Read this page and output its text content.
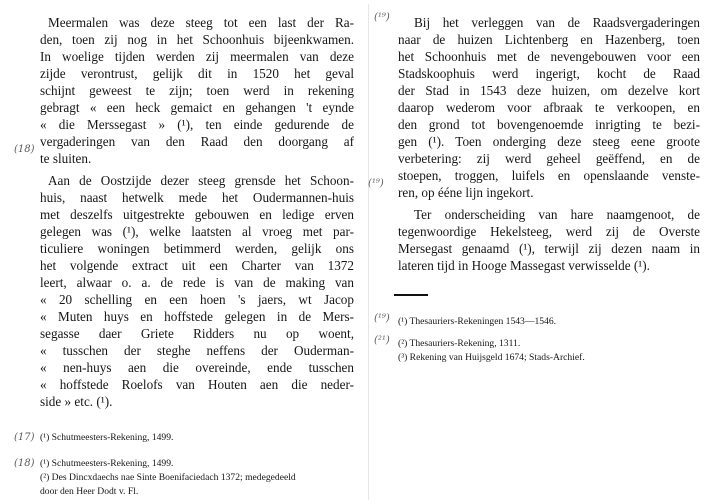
(18)
Meermalen was deze steeg tot een last der Ra-
den, toen zij nog in het Schoonhuis bijeenkwamen.
In woelige tijden werden zij meermalen van deze
zijde verontrust, gelijk dit in 1520 het geval
schijnt geweest te zijn; toen werd in rekening
gebragt « een heck gemaict en gehangen 't eynde
« die Merssegast » (¹), ten einde gedurende de
vergaderingen van den Raad den doorgang af
te sluiten.
Aan de Oostzijde dezer steeg grensde het Schoon-
huis, naast hetwelk mede het Oudermannen-huis
met deszelfs uitgestrekte gebouwen en ledige erven
gelegen was (¹), welke laatsten al vroeg met par-
ticuliere woningen betimmerd werden, gelijk ons
het volgende extract uit een Charter van 1372
leert, alwaar o. a. de rede is van de making van
« 20 schelling en een hoen 's jaers, wt Jacop
« Muten huys en hoffstede gelegen in de Mers-
segasse daer Griete Ridders nu op woent,
« tusschen der steghe neffens der Ouderman-
« nen-huys aen die overeinde, ende tusschen
« hoffstede Roelofs van Houten aen die neder-
side » etc. (¹).
(17) (¹) Schutmeesters-Rekening, 1499.
(18) (¹) Schutmeesters-Rekening, 1499.
(²) Des Dincxdaechs nae Sinte Boenifaciedach 1372; medegedeeld
door den Heer Dodt v. Fl.
(¹⁹) Bij het verleggen van de Raadsvergaderingen
naar de huizen Lichtenberg en Hazenberg, toen
het Schoonhuis met de nevengebouwen voor een
Stadskoophuis werd ingerigt, kocht de Raad
der Stad in 1543 deze huizen, om dezelve kort
daarop wederom voor afbraak te verkoopen, en
den grond tot bovengenoemde inrigting te bezi-
gen (¹). Toen onderging deze steeg eene groote
verbetering: zij werd geheel geëffend, en de
(¹⁹)
stoepen, troggen, luifels en openslaande venste-
ren, op ééne lijn ingekort.
Ter onderscheiding van hare naamgenoot, de
tegenwoordige Hekelsteeg, werd zij de Overste
Mersegast genaamd (¹), terwijl zij dezen naam in
lateren tijd in Hooge Massegast verwisselde (¹).
(¹⁹) (¹) Thesauriers-Rekeningen 1543—1546.
(²¹) (²) Thesauriers-Rekening, 1311.
(³) Rekening van Huijsgeld 1674; Stads-Archief.
